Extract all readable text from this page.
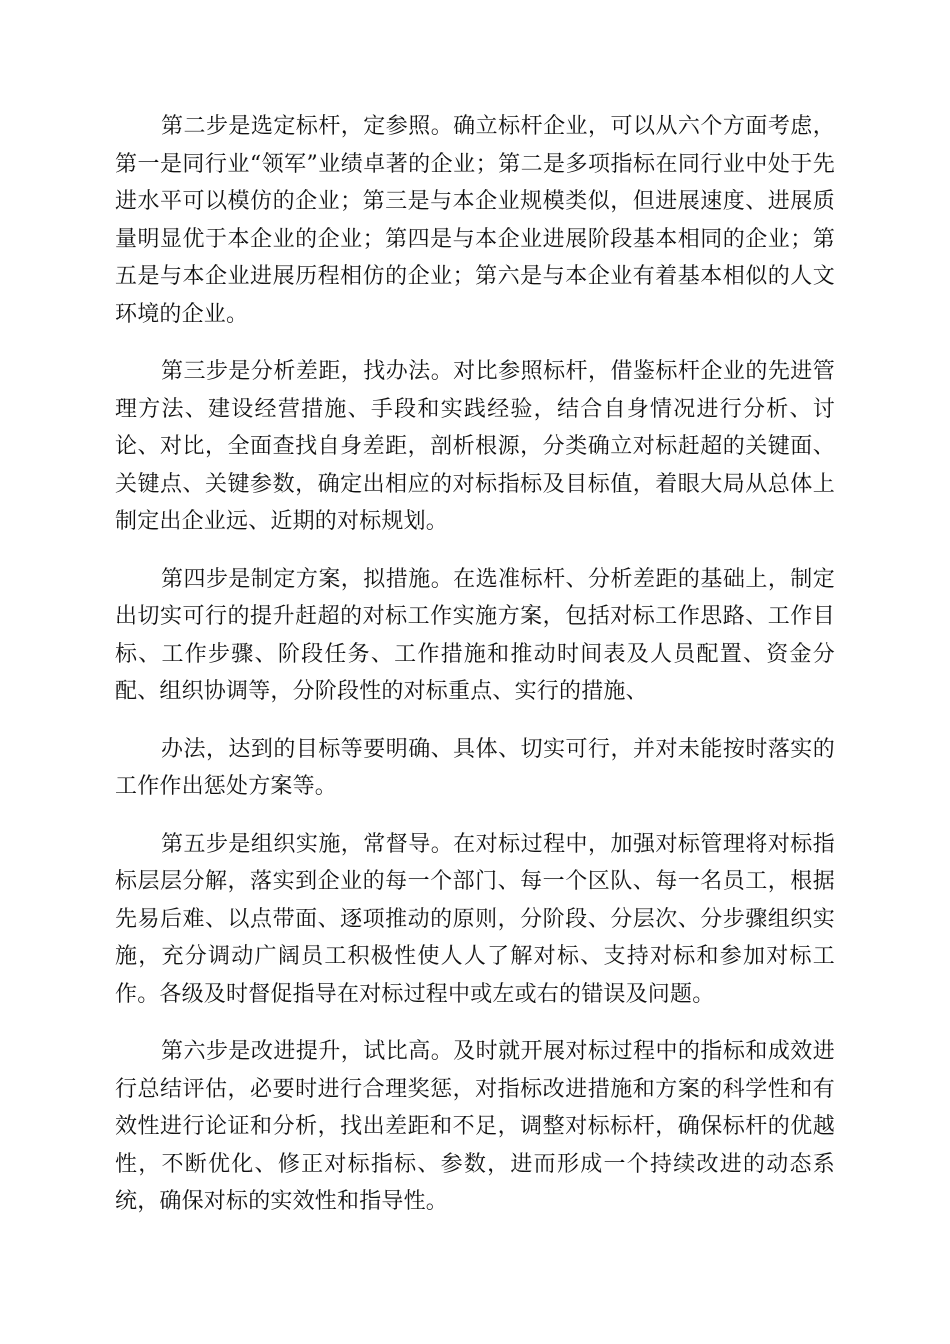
第二步是选定标杆，定参照。确立标杆企业，可以从六个方面考虑，第一是同行业“领军”业绩卓著的企业；第二是多项指标在同行业中处于先进水平可以模仿的企业；第三是与本企业规模类似，但进展速度、进展质量明显优于本企业的企业；第四是与本企业进展阶段基本相同的企业；第五是与本企业进展历程相仿的企业；第六是与本企业有着基本相似的人文环境的企业。

第三步是分析差距，找办法。对比参照标杆，借鉴标杆企业的先进管理方法、建设经营措施、手段和实践经验，结合自身情况进行分析、讨论、对比，全面查找自身差距，剖析根源，分类确立对标赶超的关键面、关键点、关键参数，确定出相应的对标指标及目标值，着眼大局从总体上制定出企业远、近期的对标规划。

第四步是制定方案，拟措施。在选准标杆、分析差距的基础上，制定出切实可行的提升赶超的对标工作实施方案，包括对标工作思路、工作目标、工作步骤、阶段任务、工作措施和推动时间表及人员配置、资金分配、组织协调等，分阶段性的对标重点、实行的措施、

办法，达到的目标等要明确、具体、切实可行，并对未能按时落实的工作作出惩处方案等。

第五步是组织实施，常督导。在对标过程中，加强对标管理将对标指标层层分解，落实到企业的每一个部门、每一个区队、每一名员工，根据先易后难、以点带面、逐项推动的原则，分阶段、分层次、分步骤组织实施，充分调动广阔员工积极性使人人了解对标、支持对标和参加对标工作。各级及时督促指导在对标过程中或左或右的错误及问题。

第六步是改进提升，试比高。及时就开展对标过程中的指标和成效进行总结评估，必要时进行合理奖惩，对指标改进措施和方案的科学性和有效性进行论证和分析，找出差距和不足，调整对标标杆，确保标杆的优越性，不断优化、修正对标指标、参数，进而形成一个持续改进的动态系统，确保对标的实效性和指导性。
